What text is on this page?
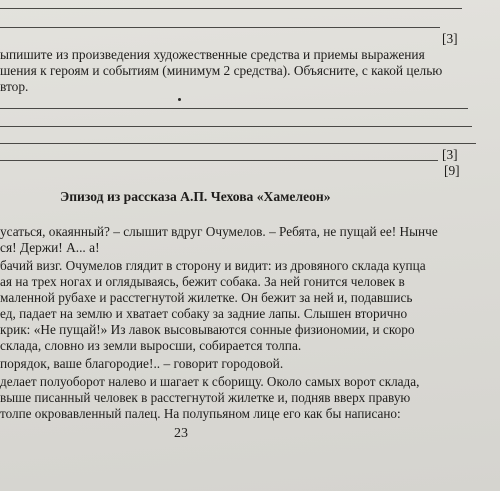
[3]
ыпишите из произведения художественные средства и приемы выражения
шения к героям и событиям (минимум 2 средства). Объясните, с какой целью
втор.
[3]
[9]
Эпизод из рассказа А.П. Чехова «Хамелеон»
усаться, окаянный? – слышит вдруг Очумелов. – Ребята, не пущай ее! Нынче
ся! Держи! А... а!
бачий визг. Очумелов глядит в сторону и видит: из дровяного склада купца
ая на трех ногах и оглядываясь, бежит собака. За ней гонится человек в
маленной рубахе и расстегнутой жилетке. Он бежит за ней и, подавшись
ед, падает на землю и хватает собаку за задние лапы. Слышен вторично
крик: «Не пущай!» Из лавок высовываются сонные физиономии, и скоро
склада, словно из земли выросши, собирается толпа.
порядок, ваше благородие!.. – говорит городовой.
делает полуоборот налево и шагает к сборищу. Около самых ворот склада,
выше писанный человек в расстегнутой жилетке и, подняв вверх правую
толпе окровавленный палец. На полупьяном лице его как бы написано:
23
